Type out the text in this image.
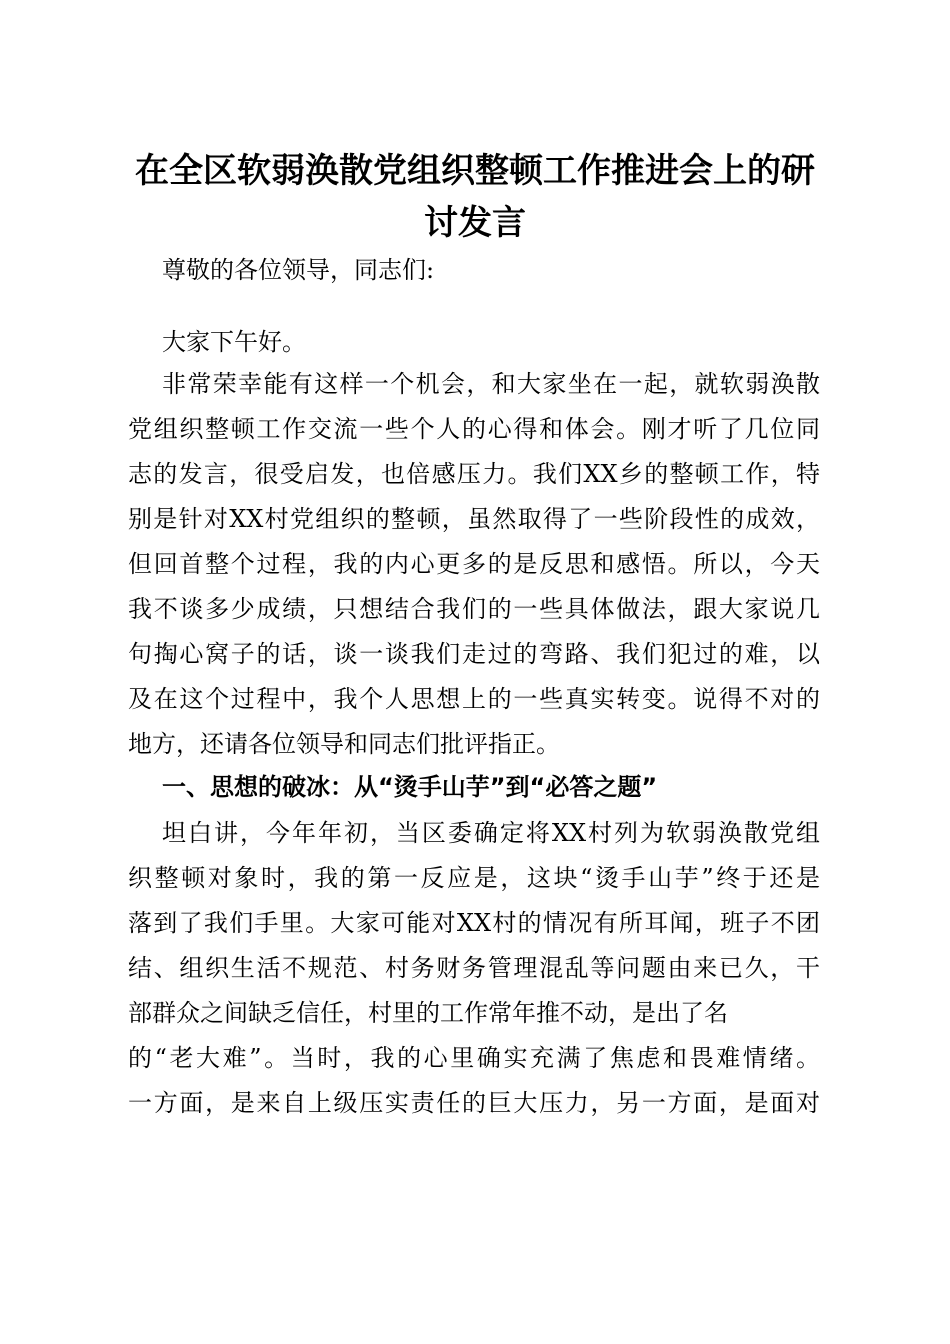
在全区软弱涣散党组织整顿工作推进会上的研
讨发言

尊敬的各位领导，同志们:

大家下午好。

非常荣幸能有这样一个机会，和大家坐在一起，就软弱涣散

党组织整顿工作交流一些个人的心得和体会。刚才听了几位同

志的发言，很受启发，也倍感压力。我们XX乡的整顿工作，特

别是针对XX村党组织的整顿，虽然取得了一些阶段性的成效，

但回首整个过程，我的内心更多的是反思和感悟。所以，今天

我不谈多少成绩，只想结合我们的一些具体做法，跟大家说几

句掏心窝子的话，谈一谈我们走过的弯路、我们犯过的难，以

及在这个过程中，我个人思想上的一些真实转变。说得不对的

地方，还请各位领导和同志们批评指正。

一、思想的破冰：从“烫手山芋”到“必答之题”

坦白讲，今年年初，当区委确定将XX村列为软弱涣散党组

织整顿对象时，我的第一反应是，这块“烫手山芋”终于还是

落到了我们手里。大家可能对XX村的情况有所耳闻，班子不团

结、组织生活不规范、村务财务管理混乱等问题由来已久，干

部群众之间缺乏信任，村里的工作常年推不动，是出了名

的“老大难”。当时，我的心里确实充满了焦虑和畏难情绪。

一方面，是来自上级压实责任的巨大压力，另一方面，是面对
